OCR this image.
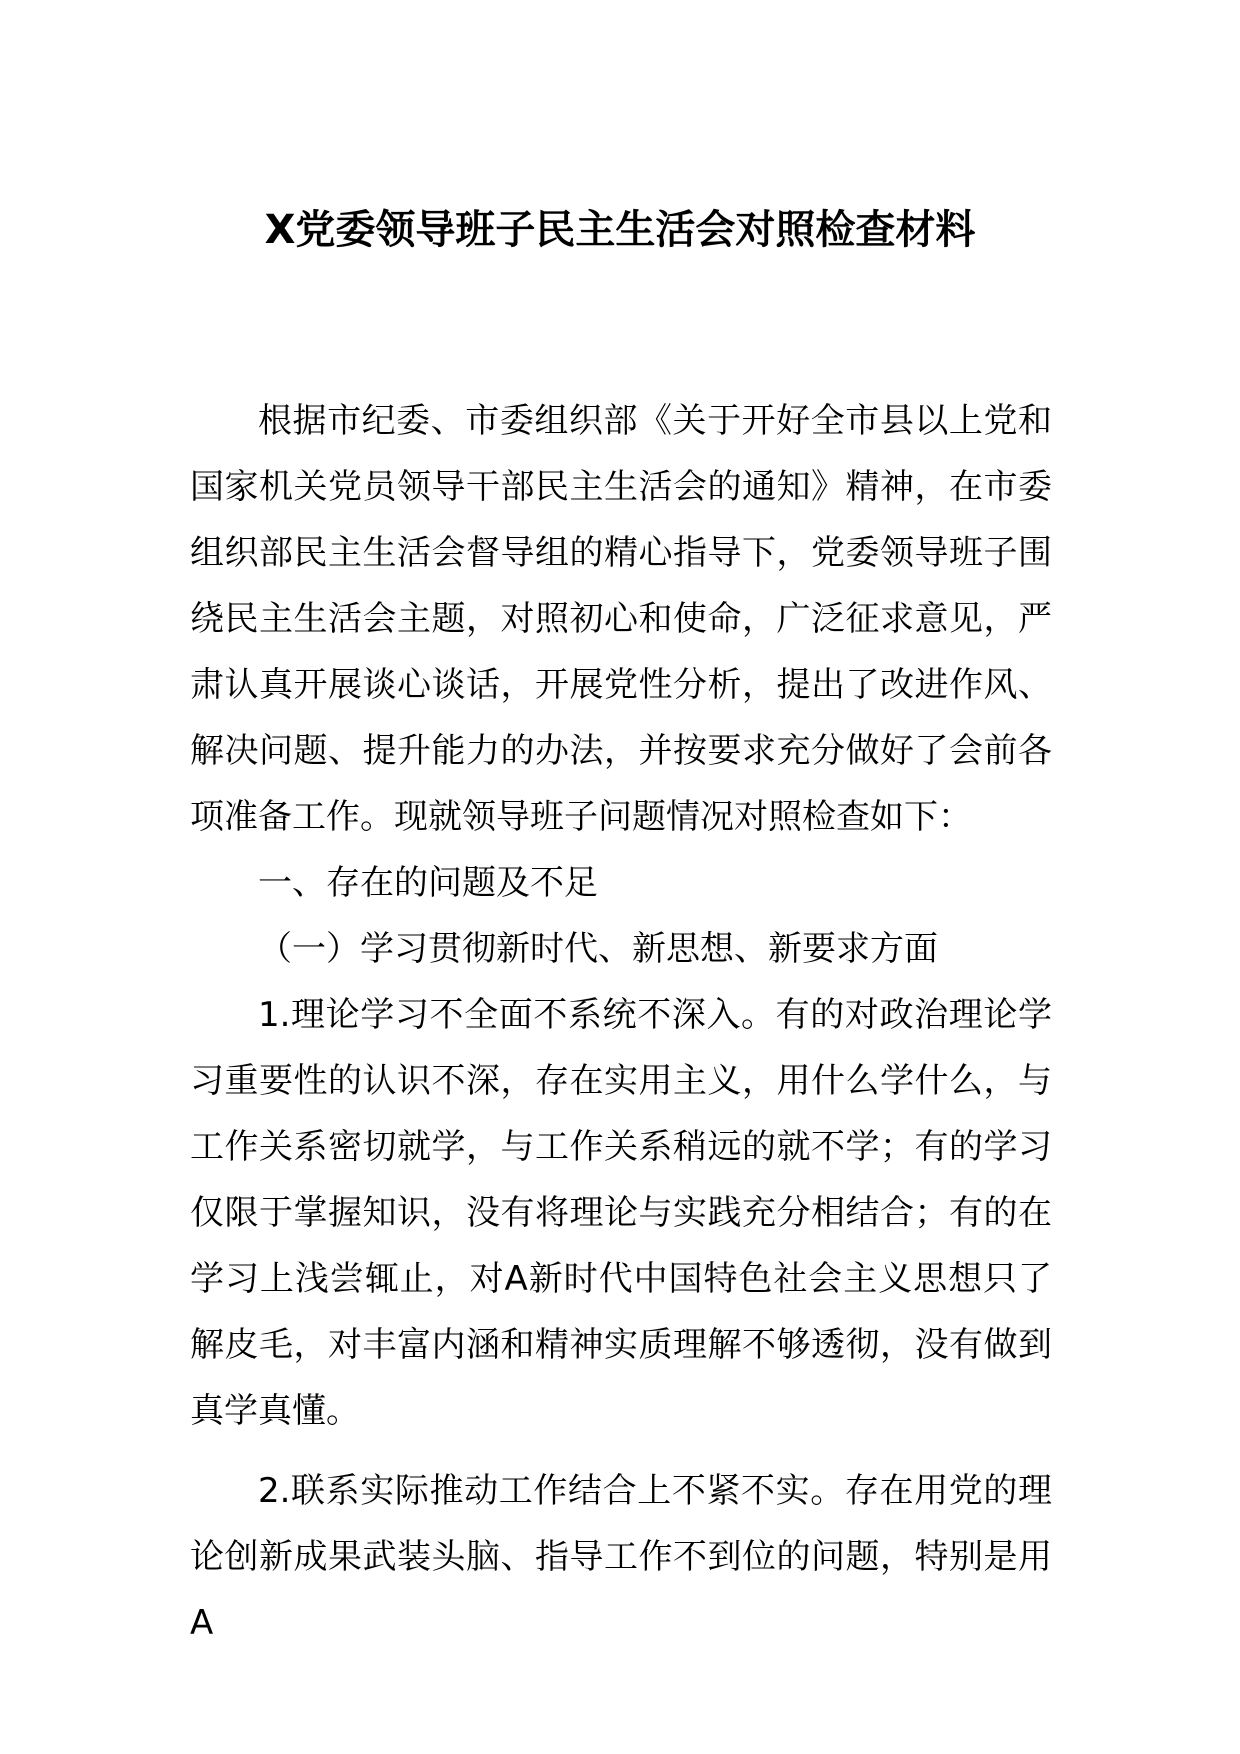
X党委领导班子民主生活会对照检查材料

根据市纪委、市委组织部《关于开好全市县以上党和国家机关党员领导干部民主生活会的通知》精神，在市委组织部民主生活会督导组的精心指导下，党委领导班子围绕民主生活会主题，对照初心和使命，广泛征求意见，严肃认真开展谈心谈话，开展党性分析，提出了改进作风、解决问题、提升能力的办法，并按要求充分做好了会前各项准备工作。现就领导班子问题情况对照检查如下：

一、存在的问题及不足

（一）学习贯彻新时代、新思想、新要求方面

1.理论学习不全面不系统不深入。有的对政治理论学习重要性的认识不深，存在实用主义，用什么学什么，与工作关系密切就学，与工作关系稍远的就不学；有的学习仅限于掌握知识，没有将理论与实践充分相结合；有的在学习上浅尝辄止，对A新时代中国特色社会主义思想只了解皮毛，对丰富内涵和精神实质理解不够透彻，没有做到真学真懂。

2.联系实际推动工作结合上不紧不实。存在用党的理论创新成果武装头脑、指导工作不到位的问题，特别是用A
